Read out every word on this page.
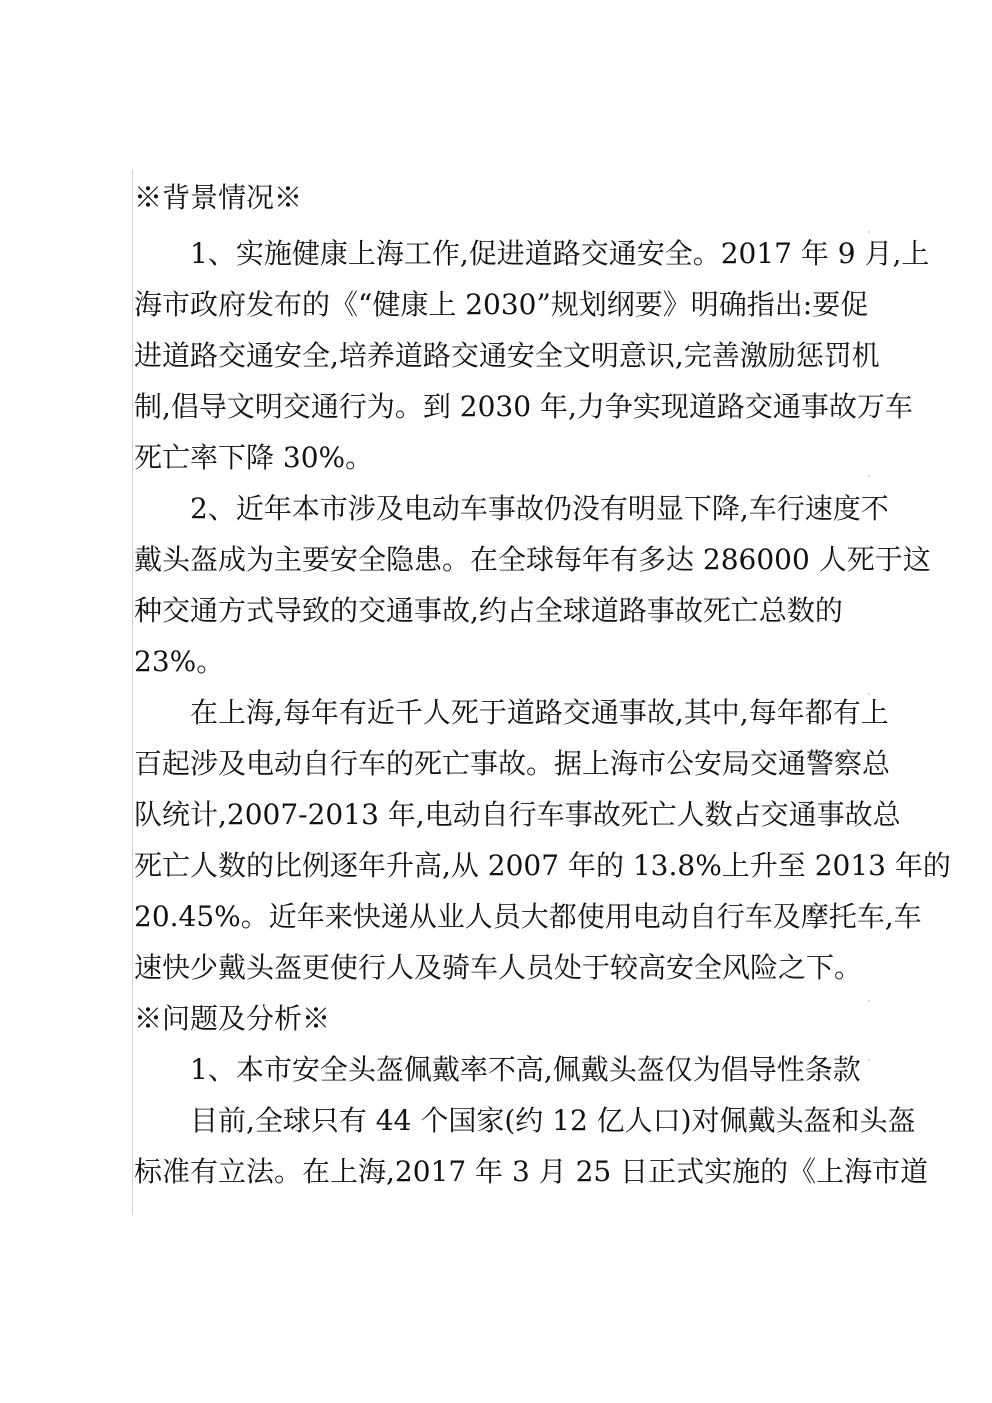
※背景情况※
1、实施健康上海工作,促进道路交通安全。2017 年 9 月,上
海市政府发布的《“健康上 2030”规划纲要》明确指出:要促
进道路交通安全,培养道路交通安全文明意识,完善激励惩罚机
制,倡导文明交通行为。到 2030 年,力争实现道路交通事故万车
死亡率下降 30%。
2、近年本市涉及电动车事故仍没有明显下降,车行速度不
戴头盔成为主要安全隐患。在全球每年有多达 286000 人死于这
种交通方式导致的交通事故,约占全球道路事故死亡总数的
23%。
在上海,每年有近千人死于道路交通事故,其中,每年都有上
百起涉及电动自行车的死亡事故。据上海市公安局交通警察总
队统计,2007-2013 年,电动自行车事故死亡人数占交通事故总
死亡人数的比例逐年升高,从 2007 年的 13.8%上升至 2013 年的
20.45%。近年来快递从业人员大都使用电动自行车及摩托车,车
速快少戴头盔更使行人及骑车人员处于较高安全风险之下。
※问题及分析※
1、本市安全头盔佩戴率不高,佩戴头盔仅为倡导性条款
目前,全球只有 44 个国家(约 12 亿人口)对佩戴头盔和头盔
标准有立法。在上海,2017 年 3 月 25 日正式实施的《上海市道
